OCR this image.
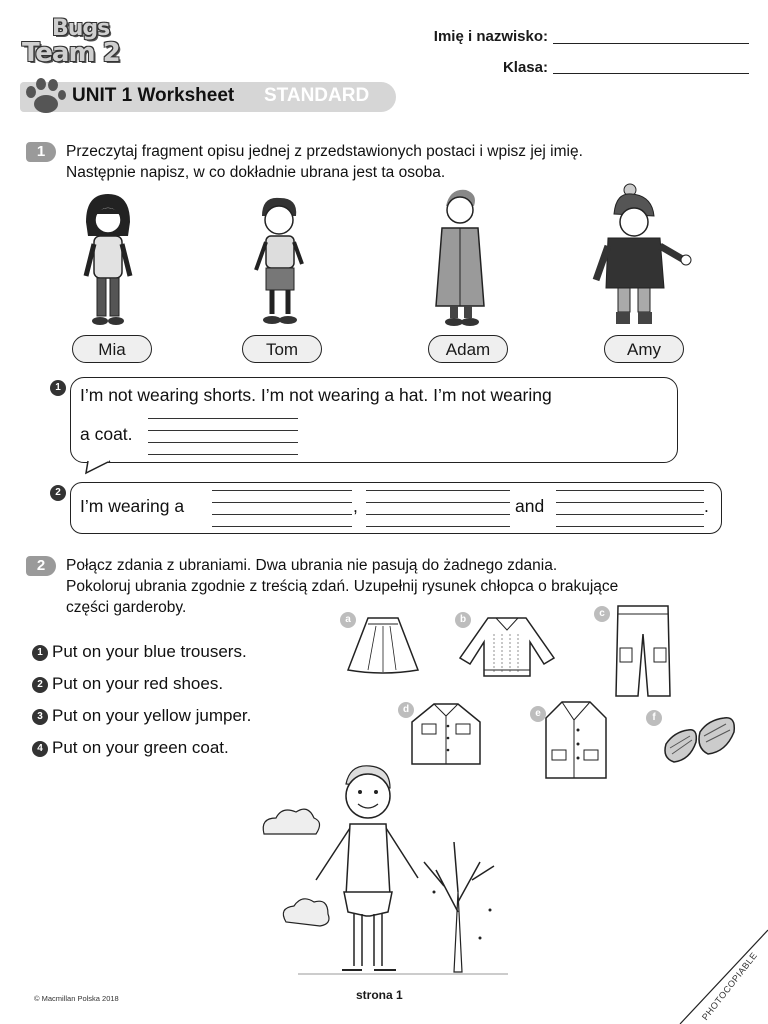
Bugs
Team 2
Imię i nazwisko:
Klasa:
UNIT 1 Worksheet STANDARD
1	Przeczytaj fragment opisu jednej z przedstawionych postaci i wpisz jej imię.
Następnie napisz, w co dokładnie ubrana jest ta osoba.
Mia	Tom	Adam	Amy
1 I’m not wearing shorts. I’m not wearing a hat. I’m not wearing
a coat.
2
I’m wearing a	,	and	.
2	Połącz zdania z ubraniami. Dwa ubrania nie pasują do żadnego zdania.
Pokoloruj ubrania zgodnie z treścią zdań. Uzupełnij rysunek chłopca o brakujące
części garderoby.
1 Put on your blue trousers.
2 Put on your red shoes.
3 Put on your yellow jumper.
4 Put on your green coat.
a	b
c
d	e	f
© Macmillan Polska 2018	strona 1	PHOTOCOPIABLE
